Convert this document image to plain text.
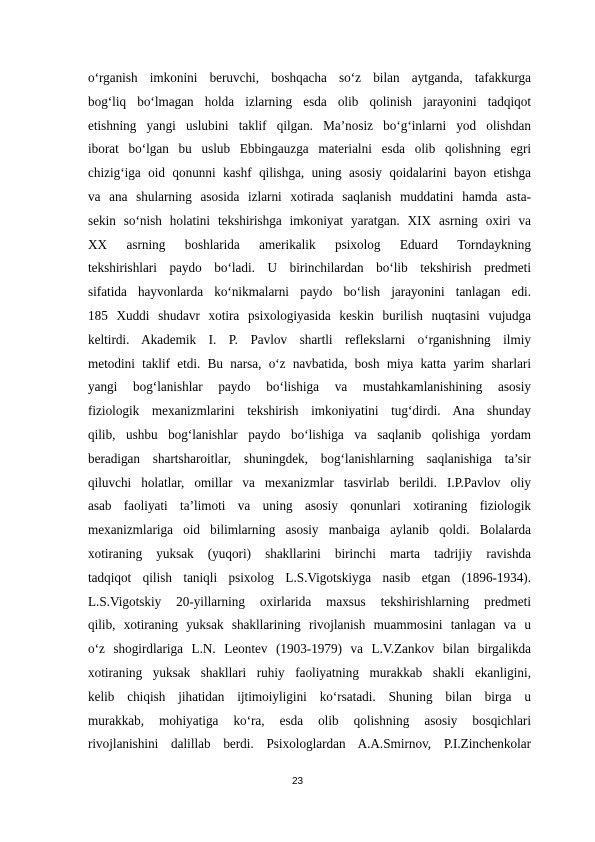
o‘rganish imkonini beruvchi, boshqacha so‘z bilan aytganda, tafakkurga
bog‘liq bo‘lmagan holda izlarning esda olib qolinish jarayonini tadqiqot
etishning yangi uslubini taklif qilgan. Ma’nosiz bo‘g‘inlarni yod olishdan
iborat bo‘lgan bu uslub Ebbingauzga materialni esda olib qolishning egri
chizig‘iga oid qonunni kashf qilishga, uning asosiy qoidalarini bayon etishga
va ana shularning asosida izlarni xotirada saqlanish muddatini hamda asta-
sekin so‘nish holatini tekshirishga imkoniyat yaratgan. XIX asrning oxiri va
XX asrning boshlarida amerikalik psixolog Eduard Torndaykning
tekshirishlari paydo bo‘ladi. U birinchilardan bo‘lib tekshirish predmeti
sifatida hayvonlarda ko‘nikmalarni paydo bo‘lish jarayonini tanlagan edi.
185 Xuddi shudavr xotira psixologiyasida keskin burilish nuqtasini vujudga
keltirdi. Akademik I. P. Pavlov shartli reflekslarni o‘rganishning ilmiy
metodini taklif etdi. Bu narsa, o‘z navbatida, bosh miya katta yarim sharlari
yangi bog‘lanishlar paydo bo‘lishiga va mustahkamlanishining asosiy
fiziologik mexanizmlarini tekshirish imkoniyatini tug‘dirdi. Ana shunday
qilib, ushbu bog‘lanishlar paydo bo‘lishiga va saqlanib qolishiga yordam
beradigan shartsharoitlar, shuningdek, bog‘lanishlarning saqlanishiga ta’sir
qiluvchi holatlar, omillar va mexanizmlar tasvirlab berildi. I.P.Pavlov oliy
asab faoliyati ta’limoti va uning asosiy qonunlari xotiraning fiziologik
mexanizmlariga oid bilimlarning asosiy manbaiga aylanib qoldi. Bolalarda
xotiraning yuksak (yuqori) shakllarini birinchi marta tadrijiy ravishda
tadqiqot qilish taniqli psixolog L.S.Vigotskiyga nasib etgan (1896-1934).
L.S.Vigotskiy 20-yillarning oxirlarida maxsus tekshirishlarning predmeti
qilib, xotiraning yuksak shakllarining rivojlanish muammosini tanlagan va u
o‘z shogirdlariga L.N. Leontev (1903-1979) va L.V.Zankov bilan birgalikda
xotiraning yuksak shakllari ruhiy faoliyatning murakkab shakli ekanligini,
kelib chiqish jihatidan ijtimoiyligini ko‘rsatadi. Shuning bilan birga u
murakkab, mohiyatiga ko‘ra, esda olib qolishning asosiy bosqichlari
rivojlanishini dalillab berdi. Psixologlardan A.A.Smirnov, P.I.Zinchenkolar
23
